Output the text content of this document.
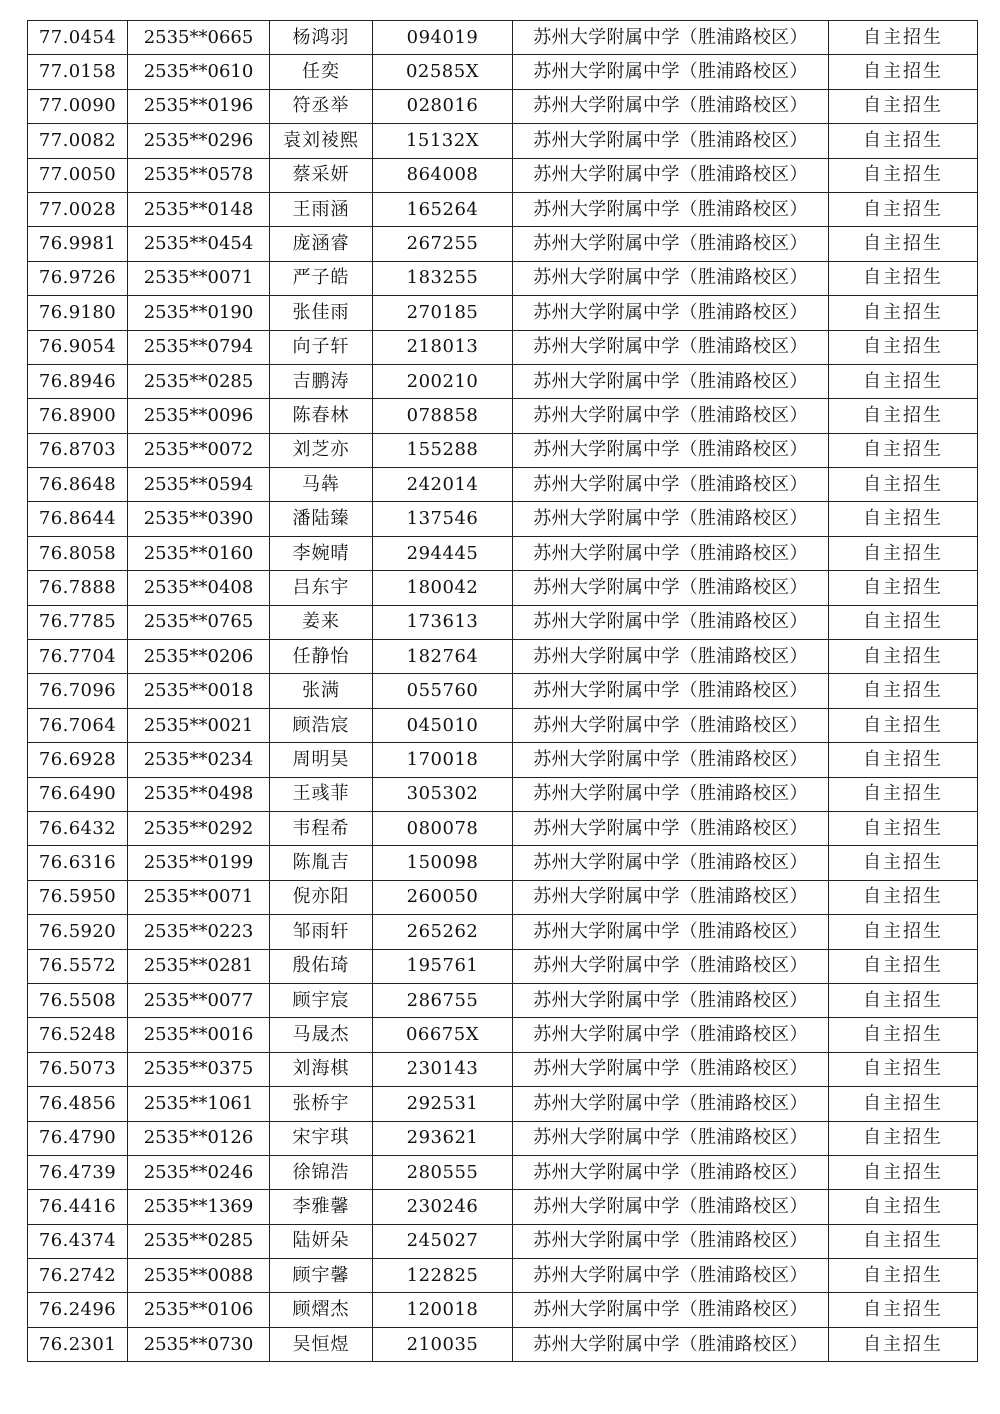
77.0454	2535**0665	杨鸿羽	094019	苏州大学附属中学（胜浦路校区）	自主招生
77.0158	2535**0610	任奕	02585X	苏州大学附属中学（胜浦路校区）	自主招生
77.0090	2535**0196	符丞举	028016	苏州大学附属中学（胜浦路校区）	自主招生
77.0082	2535**0296	袁刘祾熙	15132X	苏州大学附属中学（胜浦路校区）	自主招生
77.0050	2535**0578	蔡采妍	864008	苏州大学附属中学（胜浦路校区）	自主招生
77.0028	2535**0148	王雨涵	165264	苏州大学附属中学（胜浦路校区）	自主招生
76.9981	2535**0454	庞涵睿	267255	苏州大学附属中学（胜浦路校区）	自主招生
76.9726	2535**0071	严子皓	183255	苏州大学附属中学（胜浦路校区）	自主招生
76.9180	2535**0190	张佳雨	270185	苏州大学附属中学（胜浦路校区）	自主招生
76.9054	2535**0794	向子轩	218013	苏州大学附属中学（胜浦路校区）	自主招生
76.8946	2535**0285	吉鹏涛	200210	苏州大学附属中学（胜浦路校区）	自主招生
76.8900	2535**0096	陈春林	078858	苏州大学附属中学（胜浦路校区）	自主招生
76.8703	2535**0072	刘芝亦	155288	苏州大学附属中学（胜浦路校区）	自主招生
76.8648	2535**0594	马犇	242014	苏州大学附属中学（胜浦路校区）	自主招生
76.8644	2535**0390	潘陆臻	137546	苏州大学附属中学（胜浦路校区）	自主招生
76.8058	2535**0160	李婉晴	294445	苏州大学附属中学（胜浦路校区）	自主招生
76.7888	2535**0408	吕东宇	180042	苏州大学附属中学（胜浦路校区）	自主招生
76.7785	2535**0765	姜来	173613	苏州大学附属中学（胜浦路校区）	自主招生
76.7704	2535**0206	任静怡	182764	苏州大学附属中学（胜浦路校区）	自主招生
76.7096	2535**0018	张满	055760	苏州大学附属中学（胜浦路校区）	自主招生
76.7064	2535**0021	顾浩宸	045010	苏州大学附属中学（胜浦路校区）	自主招生
76.6928	2535**0234	周明昊	170018	苏州大学附属中学（胜浦路校区）	自主招生
76.6490	2535**0498	王彧菲	305302	苏州大学附属中学（胜浦路校区）	自主招生
76.6432	2535**0292	韦程希	080078	苏州大学附属中学（胜浦路校区）	自主招生
76.6316	2535**0199	陈胤吉	150098	苏州大学附属中学（胜浦路校区）	自主招生
76.5950	2535**0071	倪亦阳	260050	苏州大学附属中学（胜浦路校区）	自主招生
76.5920	2535**0223	邹雨轩	265262	苏州大学附属中学（胜浦路校区）	自主招生
76.5572	2535**0281	殷佑琦	195761	苏州大学附属中学（胜浦路校区）	自主招生
76.5508	2535**0077	顾宇宸	286755	苏州大学附属中学（胜浦路校区）	自主招生
76.5248	2535**0016	马晟杰	06675X	苏州大学附属中学（胜浦路校区）	自主招生
76.5073	2535**0375	刘海棋	230143	苏州大学附属中学（胜浦路校区）	自主招生
76.4856	2535**1061	张桥宇	292531	苏州大学附属中学（胜浦路校区）	自主招生
76.4790	2535**0126	宋宇琪	293621	苏州大学附属中学（胜浦路校区）	自主招生
76.4739	2535**0246	徐锦浩	280555	苏州大学附属中学（胜浦路校区）	自主招生
76.4416	2535**1369	李雅馨	230246	苏州大学附属中学（胜浦路校区）	自主招生
76.4374	2535**0285	陆妍朵	245027	苏州大学附属中学（胜浦路校区）	自主招生
76.2742	2535**0088	顾宇馨	122825	苏州大学附属中学（胜浦路校区）	自主招生
76.2496	2535**0106	顾熠杰	120018	苏州大学附属中学（胜浦路校区）	自主招生
76.2301	2535**0730	吴恒煜	210035	苏州大学附属中学（胜浦路校区）	自主招生
